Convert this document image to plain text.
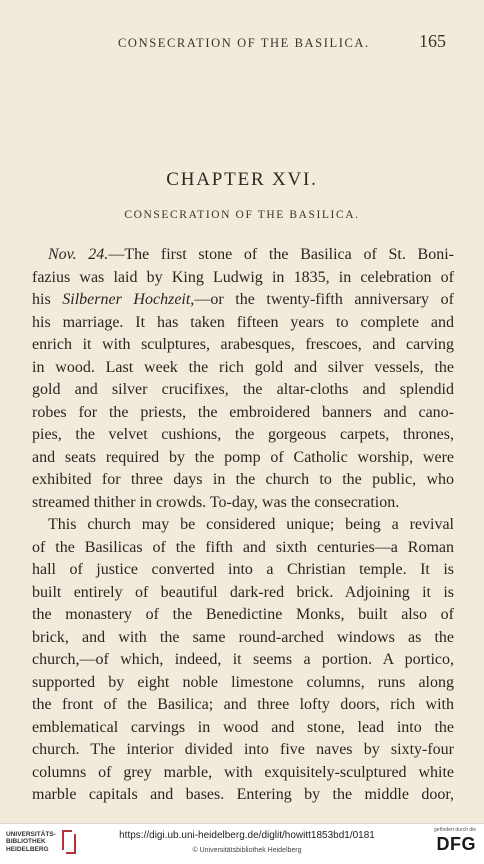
CONSECRATION OF THE BASILICA.	165
CHAPTER XVI.
CONSECRATION OF THE BASILICA.
Nov. 24.—The first stone of the Basilica of St. Boni-
fazius was laid by King Ludwig in 1835, in celebration of
his Silberner Hochzeit,—or the twenty-fifth anniversary of
his marriage. It has taken fifteen years to complete and
enrich it with sculptures, arabesques, frescoes, and carving
in wood. Last week the rich gold and silver vessels, the
gold and silver crucifixes, the altar-cloths and splendid
robes for the priests, the embroidered banners and cano-
pies, the velvet cushions, the gorgeous carpets, thrones,
and seats required by the pomp of Catholic worship, were
exhibited for three days in the church to the public, who
streamed thither in crowds. To-day, was the consecration.
This church may be considered unique; being a revival
of the Basilicas of the fifth and sixth centuries—a Roman
hall of justice converted into a Christian temple. It is
built entirely of beautiful dark-red brick. Adjoining it is
the monastery of the Benedictine Monks, built also of
brick, and with the same round-arched windows as the
church,—of which, indeed, it seems a portion. A portico,
supported by eight noble limestone columns, runs along
the front of the Basilica; and three lofty doors, rich with
emblematical carvings in wood and stone, lead into the
church. The interior divided into five naves by sixty-four
columns of grey marble, with exquisitely-sculptured white
marble capitals and bases. Entering by the middle door,
UNIVERSITÄTS-
BIBLIOTHEK
HEIDELBERG
https://digi.ub.uni-heidelberg.de/diglit/howitt1853bd1/0181
© Universitätsbibliothek Heidelberg
gefördert durch die
DFG
